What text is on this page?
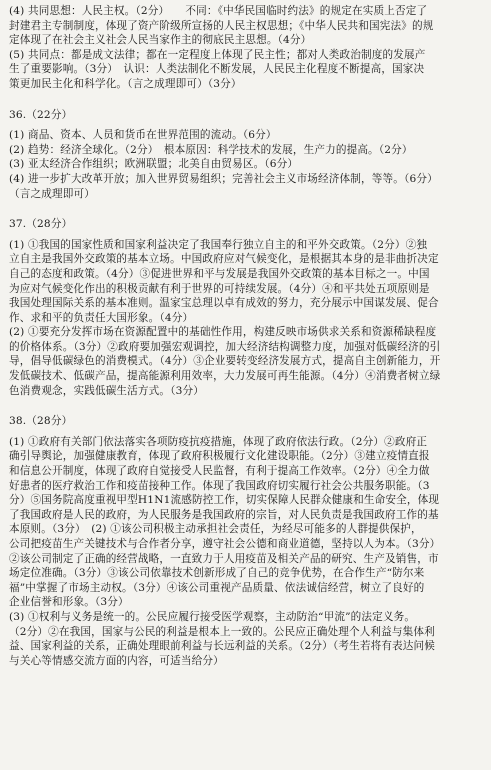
(4) 共同思想：人民主权。（2分）　　不同：《中华民国临时约法》的规定在实质上否定了
封建君主专制制度，体现了资产阶级所宣扬的人民主权思想；《中华人民共和国宪法》的规
定体现了在社会主义社会人民当家作主的彻底民主思想。（4分）
(5) 共同点：都是成文法律；都在一定程度上体现了民主性；都对人类政治制度的发展产
生了重要影响。（3分）　认识：人类法制化不断发展，人民民主化程度不断提高，国家决
策更加民主化和科学化。（言之成理即可）（3分）
36.（22分）
(1) 商品、资本、人员和货币在世界范围的流动。（6分）
(2) 趋势：经济全球化。（2分）　根本原因：科学技术的发展，生产力的提高。（2分）
(3) 亚太经济合作组织；欧洲联盟；北美自由贸易区。（6分）
(4) 进一步扩大改革开放；加入世界贸易组织；完善社会主义市场经济体制，等等。（6分）
（言之成理即可）
37.（28分）
(1) ①我国的国家性质和国家利益决定了我国奉行独立自主的和平外交政策。（2分）②独
立自主是我国外交政策的基本立场。中国政府应对气候变化，是根据其本身的是非曲折决定
自己的态度和政策。（4分）③促进世界和平与发展是我国外交政策的基本目标之一。中国
为应对气候变化作出的积极贡献有利于世界的可持续发展。（4分）④和平共处五项原则是
我国处理国际关系的基本准则。温家宝总理以卓有成效的努力，充分展示中国谋发展、促合
作、求和平的负责任大国形象。（4分）
(2) ①要充分发挥市场在资源配置中的基础性作用，构建反映市场供求关系和资源稀缺程度
的价格体系。（3分）②政府要加强宏观调控，加大经济结构调整力度，加强对低碳经济的引
导，倡导低碳绿色的消费模式。（4分）③企业要转变经济发展方式，提高自主创新能力，开
发低碳技术、低碳产品，提高能源利用效率，大力发展可再生能源。（4分）④消费者树立绿
色消费观念，实践低碳生活方式。（3分）
38.（28分）
(1) ①政府有关部门依法落实各项防疫抗疫措施，体现了政府依法行政。（2分）②政府正
确引导舆论，加强健康教育，体现了政府积极履行文化建设职能。（2分）③建立疫情直报
和信息公开制度，体现了政府自觉接受人民监督，有利于提高工作效率。（2分）④全力做
好患者的医疗救治工作和疫苗接种工作。体现了我国政府切实履行社会公共服务职能。（3
分）⑤国务院高度重视甲型H1N1流感防控工作，切实保障人民群众健康和生命安全，体现
了我国政府是人民的政府，为人民服务是我国政府的宗旨，对人民负责是我国政府工作的基
本原则。（3分）　(2) ①该公司积极主动承担社会责任，为经尽可能多的人群提供保护，
公司把疫苗生产关键技术与合作者分享，遵守社会公德和商业道德，坚持以人为本。（3分）
②该公司制定了正确的经营战略，一直致力于人用疫苗及相关产品的研究、生产及销售，市
场定位准确。（3分）③该公司依靠技术创新形成了自己的竞争优势，在合作生产“防尔来
福”中掌握了市场主动权。（3分）④该公司重视产品质量、依法诚信经营，树立了良好的
企业信誉和形象。（3分）
(3) ①权利与义务是统一的。公民应履行接受医学观察，主动防治“甲流”的法定义务。
（2分）②在我国，国家与公民的利益是根本上一致的。公民应正确处理个人利益与集体利
益、国家利益的关系，正确处理眼前利益与长远利益的关系。（2分）（考生若将有表达问候
与关心等情感交流方面的内容，可适当给分）
